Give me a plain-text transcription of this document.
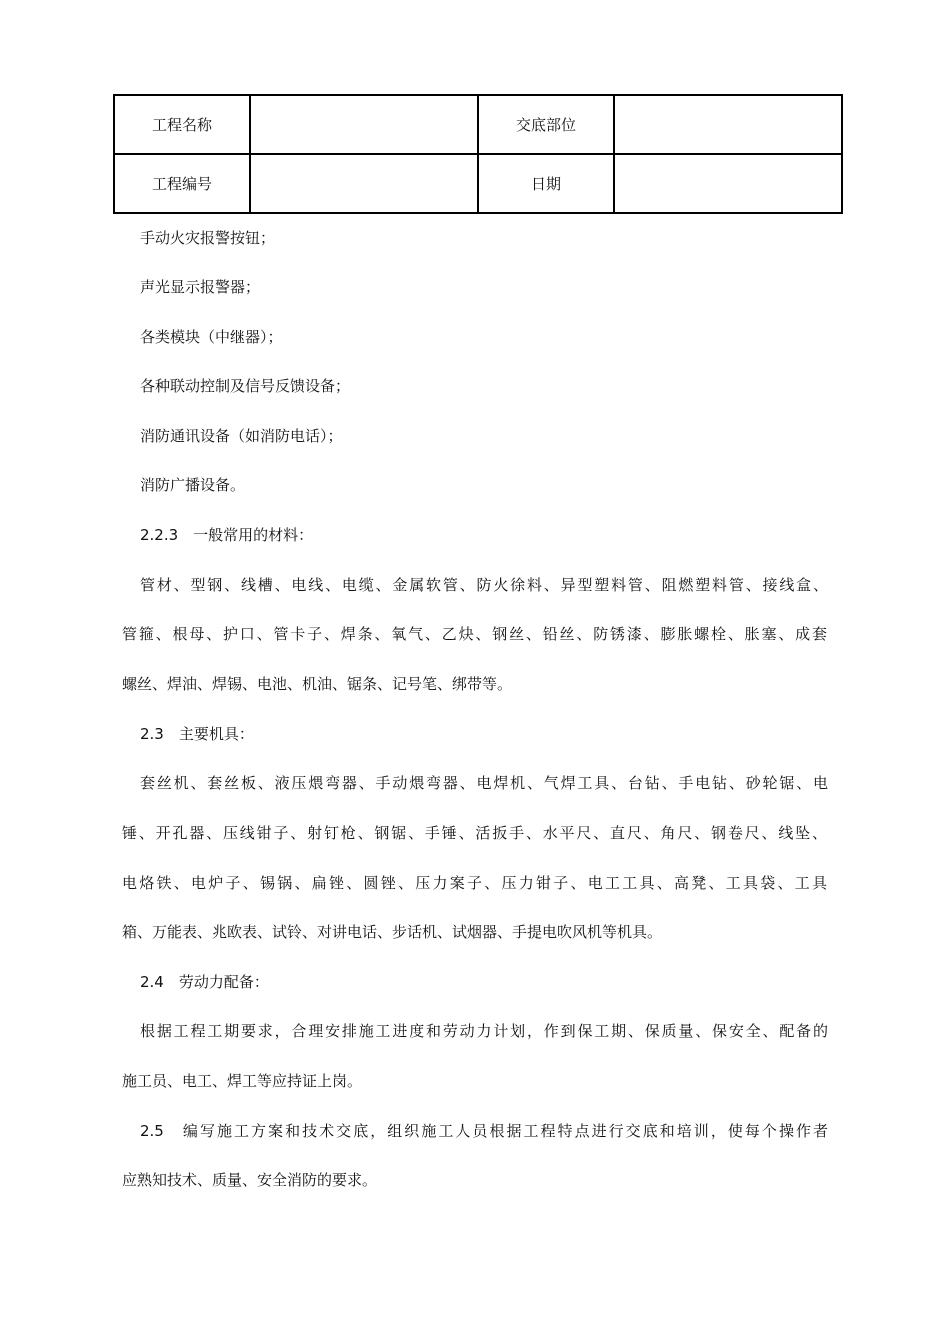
工程名称		交底部位	
工程编号		日期	
手动火灾报警按钮；
声光显示报警器；
各类模块（中继器）；
各种联动控制及信号反馈设备；
消防通讯设备（如消防电话）；
消防广播设备。
2.2.3　一般常用的材料：
管材、型钢、线槽、电线、电缆、金属软管、防火徐料、异型塑料管、阻燃塑料管、接线盒、
管箍、根母、护口、管卡子、焊条、氧气、乙炔、钢丝、铅丝、防锈漆、膨胀螺栓、胀塞、成套
螺丝、焊油、焊锡、电池、机油、锯条、记号笔、绑带等。
2.3　主要机具：
套丝机、套丝板、液压煨弯器、手动煨弯器、电焊机、气焊工具、台钻、手电钻、砂轮锯、电
锤、开孔器、压线钳子、射钉枪、钢锯、手锤、活扳手、水平尺、直尺、角尺、钢卷尺、线坠、
电烙铁、电炉子、锡锅、扁锉、圆锉、压力案子、压力钳子、电工工具、高凳、工具袋、工具
箱、万能表、兆欧表、试铃、对讲电话、步话机、试烟器、手提电吹风机等机具。
2.4　劳动力配备：
根据工程工期要求，合理安排施工进度和劳动力计划，作到保工期、保质量、保安全、配备的
施工员、电工、焊工等应持证上岗。
2.5　编写施工方案和技术交底，组织施工人员根据工程特点进行交底和培训，使每个操作者
应熟知技术、质量、安全消防的要求。
